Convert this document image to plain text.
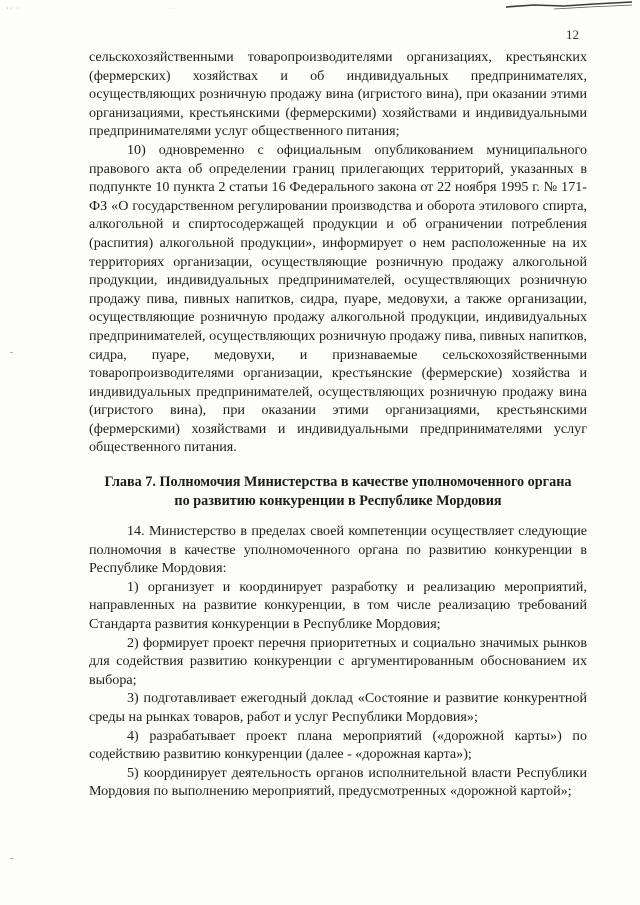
˙˙ ˙	˙ ˙
12

сельскохозяйственными товаропроизводителями организациях, крестьянских (фермерских) хозяйствах и об индивидуальных предпринимателях, осуществляющих розничную продажу вина (игристого вина), при оказании этими организациями, крестьянскими (фермерскими) хозяйствами и индивидуальными предпринимателями услуг общественного питания;

10) одновременно с официальным опубликованием муниципального правового акта об определении границ прилегающих территорий, указанных в подпункте 10 пункта 2 статьи 16 Федерального закона от 22 ноября 1995 г. № 171-ФЗ «О государственном регулировании производства и оборота этилового спирта, алкогольной и спиртосодержащей продукции и об ограничении потребления (распития) алкогольной продукции», информирует о нем расположенные на их территориях организации, осуществляющие розничную продажу алкогольной продукции, индивидуальных предпринимателей, осуществляющих розничную продажу пива, пивных напитков, сидра, пуаре, медовухи, а также организации, осуществляющие розничную продажу алкогольной продукции, индивидуальных предпринимателей, осуществляющих розничную продажу пива, пивных напитков, сидра, пуаре, медовухи, и признаваемые сельскохозяйственными товаропроизводителями организации, крестьянские (фермерские) хозяйства и индивидуальных предпринимателей, осуществляющих розничную продажу вина (игристого вина), при оказании этими организациями, крестьянскими (фермерскими) хозяйствами и индивидуальными предпринимателями услуг общественного питания.

Глава 7. Полномочия Министерства в качестве уполномоченного органа
по развитию конкуренции в Республике Мордовия

14. Министерство в пределах своей компетенции осуществляет следующие полномочия в качестве уполномоченного органа по развитию конкуренции в Республике Мордовия:

1) организует и координирует разработку и реализацию мероприятий, направленных на развитие конкуренции, в том числе реализацию требований Стандарта развития конкуренции в Республике Мордовия;

2) формирует проект перечня приоритетных и социально значимых рынков для содействия развитию конкуренции с аргументированным обоснованием их выбора;

3) подготавливает ежегодный доклад «Состояние и развитие конкурентной среды на рынках товаров, работ и услуг Республики Мордовия»;

4) разрабатывает проект плана мероприятий («дорожной карты») по содействию развитию конкуренции (далее - «дорожная карта»);

5) координирует деятельность органов исполнительной власти Республики Мордовия по выполнению мероприятий, предусмотренных «дорожной картой»;
